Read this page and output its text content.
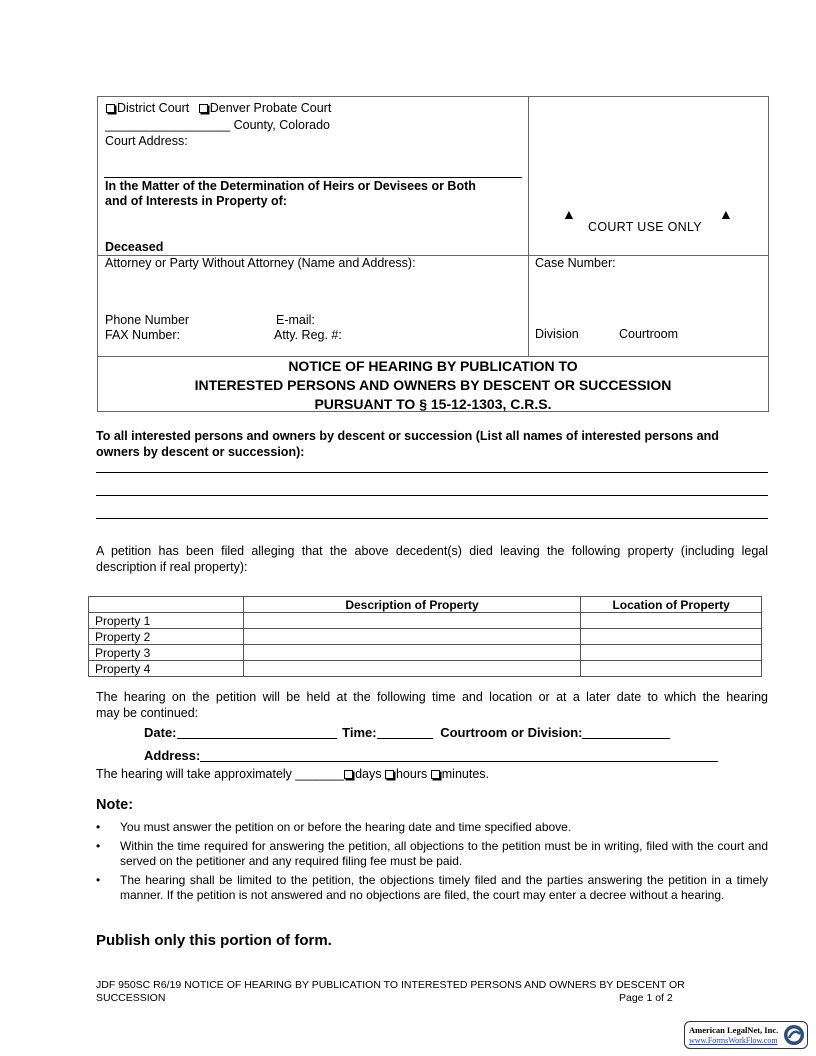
District Court Denver Probate Court
__________________ County, Colorado
Court Address:
In the Matter of the Determination of Heirs or Devisees or Both
and of Interests in Property of:
Deceased
▲
COURT USE ONLY
▲
Attorney or Party Without Attorney (Name and Address):	Case Number:
Phone Number	E-mail:
FAX Number:	Atty. Reg. #:	Division	Courtroom
NOTICE OF HEARING BY PUBLICATION TO
INTERESTED PERSONS AND OWNERS BY DESCENT OR SUCCESSION
PURSUANT TO § 15-12-1303, C.R.S.
To all interested persons and owners by descent or succession (List all names of interested persons and
owners by descent or succession):
A petition has been filed alleging that the above decedent(s) died leaving the following property (including legal
description if real property):
	Description of Property	Location of Property
Property 1		
Property 2		
Property 3		
Property 4		
The hearing on the petition will be held at the following time and location or at a later date to which the hearing
may be continued:
Date:	Time:	Courtroom or Division:
Address:
The hearing will take approximately _______ days hours minutes.
Note:
• You must answer the petition on or before the hearing date and time specified above.
• Within the time required for answering the petition, all objections to the petition must be in writing, filed with the court and served on the petitioner and any required filing fee must be paid.
• The hearing shall be limited to the petition, the objections timely filed and the parties answering the petition in a timely manner. If the petition is not answered and no objections are filed, the court may enter a decree without a hearing.
Publish only this portion of form.
JDF 950SC R6/19 NOTICE OF HEARING BY PUBLICATION TO INTERESTED PERSONS AND OWNERS BY DESCENT OR
SUCCESSION	Page 1 of 2
American LegalNet, Inc.
www.FormsWorkFlow.com
